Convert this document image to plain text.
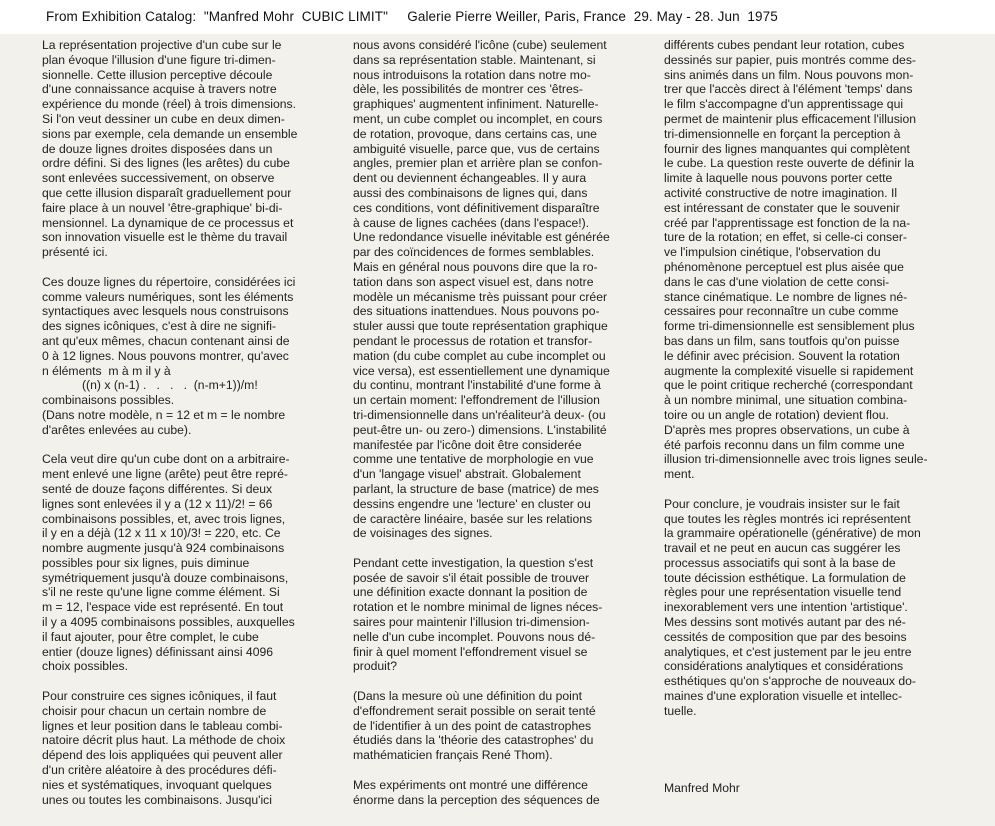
From Exhibition Catalog:  "Manfred Mohr  CUBIC LIMIT"     Galerie Pierre Weiller, Paris, France  29. May - 28. Jun  1975

La représentation projective d'un cube sur le
plan évoque l'illusion d'une figure tri-dimen-
sionnelle. Cette illusion perceptive découle
d'une connaissance acquise à travers notre
expérience du monde (réel) à trois dimensions.
Si l'on veut dessiner un cube en deux dimen-
sions par exemple, cela demande un ensemble
de douze lignes droites disposées dans un
ordre défini. Si des lignes (les arêtes) du cube
sont enlevées successivement, on observe
que cette illusion disparaît graduellement pour
faire place à un nouvel 'être-graphique' bi-di-
mensionnel. La dynamique de ce processus et
son innovation visuelle est le thème du travail
présenté ici.

Ces douze lignes du répertoire, considérées ici
comme valeurs numériques, sont les éléments
syntactiques avec lesquels nous construisons
des signes icôniques, c'est à dire ne signifi-
ant qu'eux mêmes, chacun contenant ainsi de
0 à 12 lignes. Nous pouvons montrer, qu'avec
n éléments  m à m il y à
((n) x (n-1) .   .   .   .  (n-m+1))/m!
combinaisons possibles.
(Dans notre modèle, n = 12 et m = le nombre
d'arêtes enlevées au cube).

Cela veut dire qu'un cube dont on a arbitraire-
ment enlevé une ligne (arête) peut être repré-
senté de douze façons différentes. Si deux
lignes sont enlevées il y a (12 x 11)/2! = 66
combinaisons possibles, et, avec trois lignes,
il y en a déjà (12 x 11 x 10)/3! = 220, etc. Ce
nombre augmente jusqu'à 924 combinaisons
possibles pour six lignes, puis diminue
symétriquement jusqu'à douze combinaisons,
s'il ne reste qu'une ligne comme élément. Si
m = 12, l'espace vide est représenté. En tout
il y a 4095 combinaisons possibles, auxquelles
il faut ajouter, pour être complet, le cube
entier (douze lignes) définissant ainsi 4096
choix possibles.

Pour construire ces signes icôniques, il faut
choisir pour chacun un certain nombre de
lignes et leur position dans le tableau combi-
natoire décrit plus haut. La méthode de choix
dépend des lois appliquées qui peuvent aller
d'un critère aléatoire à des procédures défi-
nies et systématiques, invoquant quelques
unes ou toutes les combinaisons. Jusqu'ici

nous avons considéré l'icône (cube) seulement
dans sa représentation stable. Maintenant, si
nous introduisons la rotation dans notre mo-
dèle, les possibilités de montrer ces 'êtres-
graphiques' augmentent infiniment. Naturelle-
ment, un cube complet ou incomplet, en cours
de rotation, provoque, dans certains cas, une
ambiguité visuelle, parce que, vus de certains
angles, premier plan et arrière plan se confon-
dent ou deviennent échangeables. Il y aura
aussi des combinaisons de lignes qui, dans
ces conditions, vont définitivement disparaître
à cause de lignes cachées (dans l'espace!).
Une redondance visuelle inévitable est générée
par des coïncidences de formes semblables.
Mais en général nous pouvons dire que la ro-
tation dans son aspect visuel est, dans notre
modèle un mécanisme très puissant pour créer
des situations inattendues. Nous pouvons po-
stuler aussi que toute représentation graphique
pendant le processus de rotation et transfor-
mation (du cube complet au cube incomplet ou
vice versa), est essentiellement une dynamique
du continu, montrant l'instabilité d'une forme à
un certain moment: l'effondrement de l'illusion
tri-dimensionnelle dans un'réaliteur'à deux- (ou
peut-être un- ou zero-) dimensions. L'instabilité
manifestée par l'icône doit être considerée
comme une tentative de morphologie en vue
d'un 'langage visuel' abstrait. Globalement
parlant, la structure de base (matrice) de mes
dessins engendre une 'lecture' en cluster ou
de caractère linéaire, basée sur les relations
de voisinages des signes.

Pendant cette investigation, la question s'est
posée de savoir s'il était possible de trouver
une définition exacte donnant la position de
rotation et le nombre minimal de lignes néces-
saires pour maintenir l'illusion tri-dimension-
nelle d'un cube incomplet. Pouvons nous dé-
finir à quel moment l'effondrement visuel se
produit?

(Dans la mesure où une définition du point
d'effondrement serait possible on serait tenté
de l'identifier à un des point de catastrophes
étudiés dans la 'théorie des catastrophes' du
mathématicien français René Thom).

Mes expériments ont montré une différence
énorme dans la perception des séquences de

différents cubes pendant leur rotation, cubes
dessinés sur papier, puis montrés comme des-
sins animés dans un film. Nous pouvons mon-
trer que l'accès direct à l'élément 'temps' dans
le film s'accompagne d'un apprentissage qui
permet de maintenir plus efficacement l'illusion
tri-dimensionnelle en forçant la perception à
fournir des lignes manquantes qui complètent
le cube. La question reste ouverte de définir la
limite à laquelle nous pouvons porter cette
activité constructive de notre imagination. Il
est intéressant de constater que le souvenir
créé par l'apprentissage est fonction de la na-
ture de la rotation; en effet, si celle-ci conser-
ve l'impulsion cinétique, l'observation du
phénomènone perceptuel est plus aisée que
dans le cas d'une violation de cette consi-
stance cinématique. Le nombre de lignes né-
cessaires pour reconnaître un cube comme
forme tri-dimensionnelle est sensiblement plus
bas dans un film, sans toutfois qu'on puisse
le définir avec précision. Souvent la rotation
augmente la complexité visuelle si rapidement
que le point critique recherché (correspondant
à un nombre minimal, une situation combina-
toire ou un angle de rotation) devient flou.
D'après mes propres observations, un cube à
été parfois reconnu dans un film comme une
illusion tri-dimensionnelle avec trois lignes seule-
ment.

Pour conclure, je voudrais insister sur le fait
que toutes les règles montrés ici représentent
la grammaire opérationelle (générative) de mon
travail et ne peut en aucun cas suggérer les
processus associatifs qui sont à la base de
toute décission esthétique. La formulation de
règles pour une représentation visuelle tend
inexorablement vers une intention 'artistique'.
Mes dessins sont motivés autant par des né-
cessités de composition que par des besoins
analytiques, et c'est justement par le jeu entre
considérations analytiques et considérations
esthétiques qu'on s'approche de nouveaux do-
maines d'une exploration visuelle et intellec-
tuelle.

Manfred Mohr
